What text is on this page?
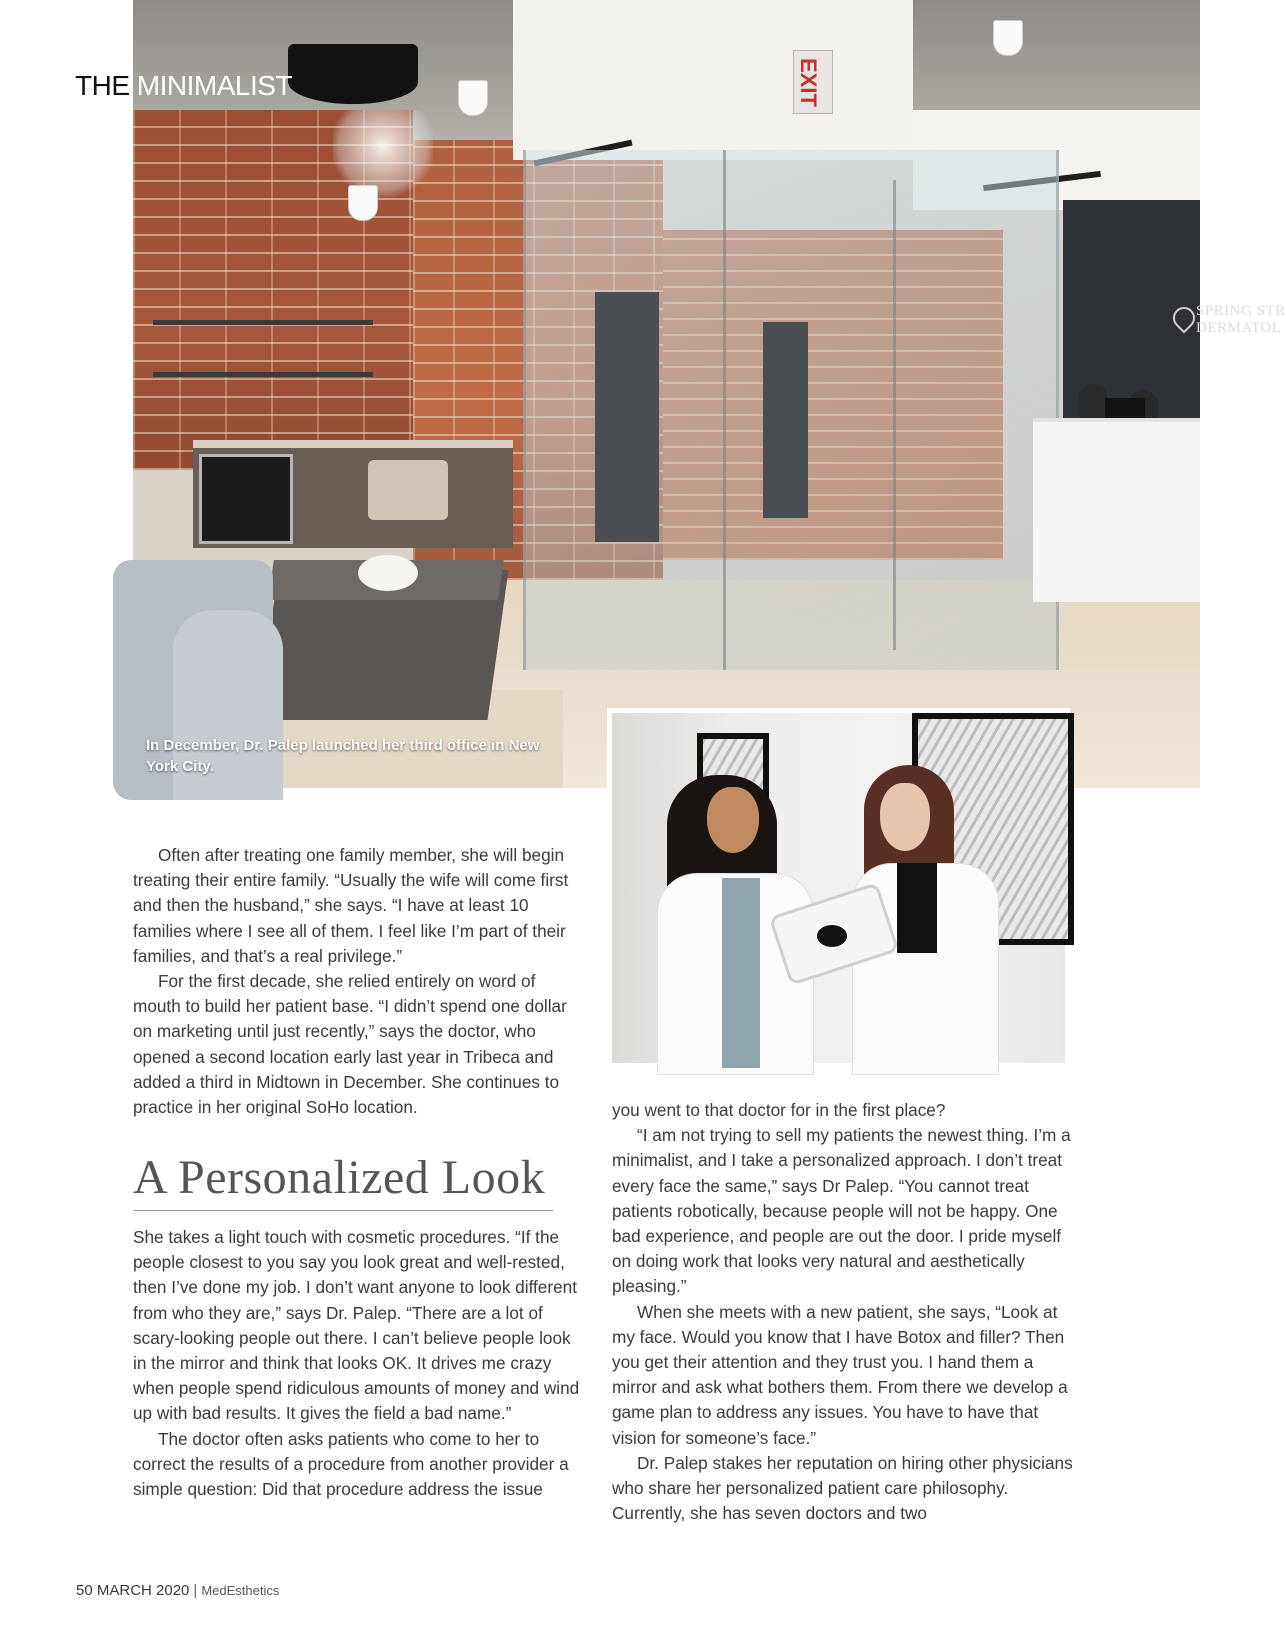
SPRING STR
DERMATOL
EXIT
In December, Dr. Palep launched her third office in New York City.
THE MINIMALIST

Often after treating one family member, she will begin treating their entire family. “Usually the wife will come first and then the husband,” she says. “I have at least 10 families where I see all of them. I feel like I’m part of their families, and that’s a real privilege.”

For the first decade, she relied entirely on word of mouth to build her patient base. “I didn’t spend one dollar on marketing until just recently,” says the doctor, who opened a second location early last year in Tribeca and added a third in Midtown in December. She continues to practice in her original SoHo location.

A Personalized Look

She takes a light touch with cosmetic procedures. “If the people closest to you say you look great and well-rested, then I’ve done my job. I don’t want anyone to look different from who they are,” says Dr. Palep. “There are a lot of scary-looking people out there. I can’t believe people look in the mirror and think that looks OK. It drives me crazy when people spend ridiculous amounts of money and wind up with bad results. It gives the field a bad name.”

The doctor often asks patients who come to her to correct the results of a procedure from another provider a simple question: Did that procedure address the issue

you went to that doctor for in the first place?

“I am not trying to sell my patients the newest thing. I’m a minimalist, and I take a personalized approach. I don’t treat every face the same,” says Dr Palep. “You cannot treat patients robotically, because people will not be happy. One bad experience, and people are out the door. I pride myself on doing work that looks very natural and aesthetically pleasing.”

When she meets with a new patient, she says, “Look at my face. Would you know that I have Botox and filler? Then you get their attention and they trust you. I hand them a mirror and ask what bothers them. From there we develop a game plan to address any issues. You have to have that vision for someone’s face.”

Dr. Palep stakes her reputation on hiring other physicians who share her personalized patient care philosophy. Currently, she has seven doctors and two

50 MARCH 2020 | MedEsthetics
